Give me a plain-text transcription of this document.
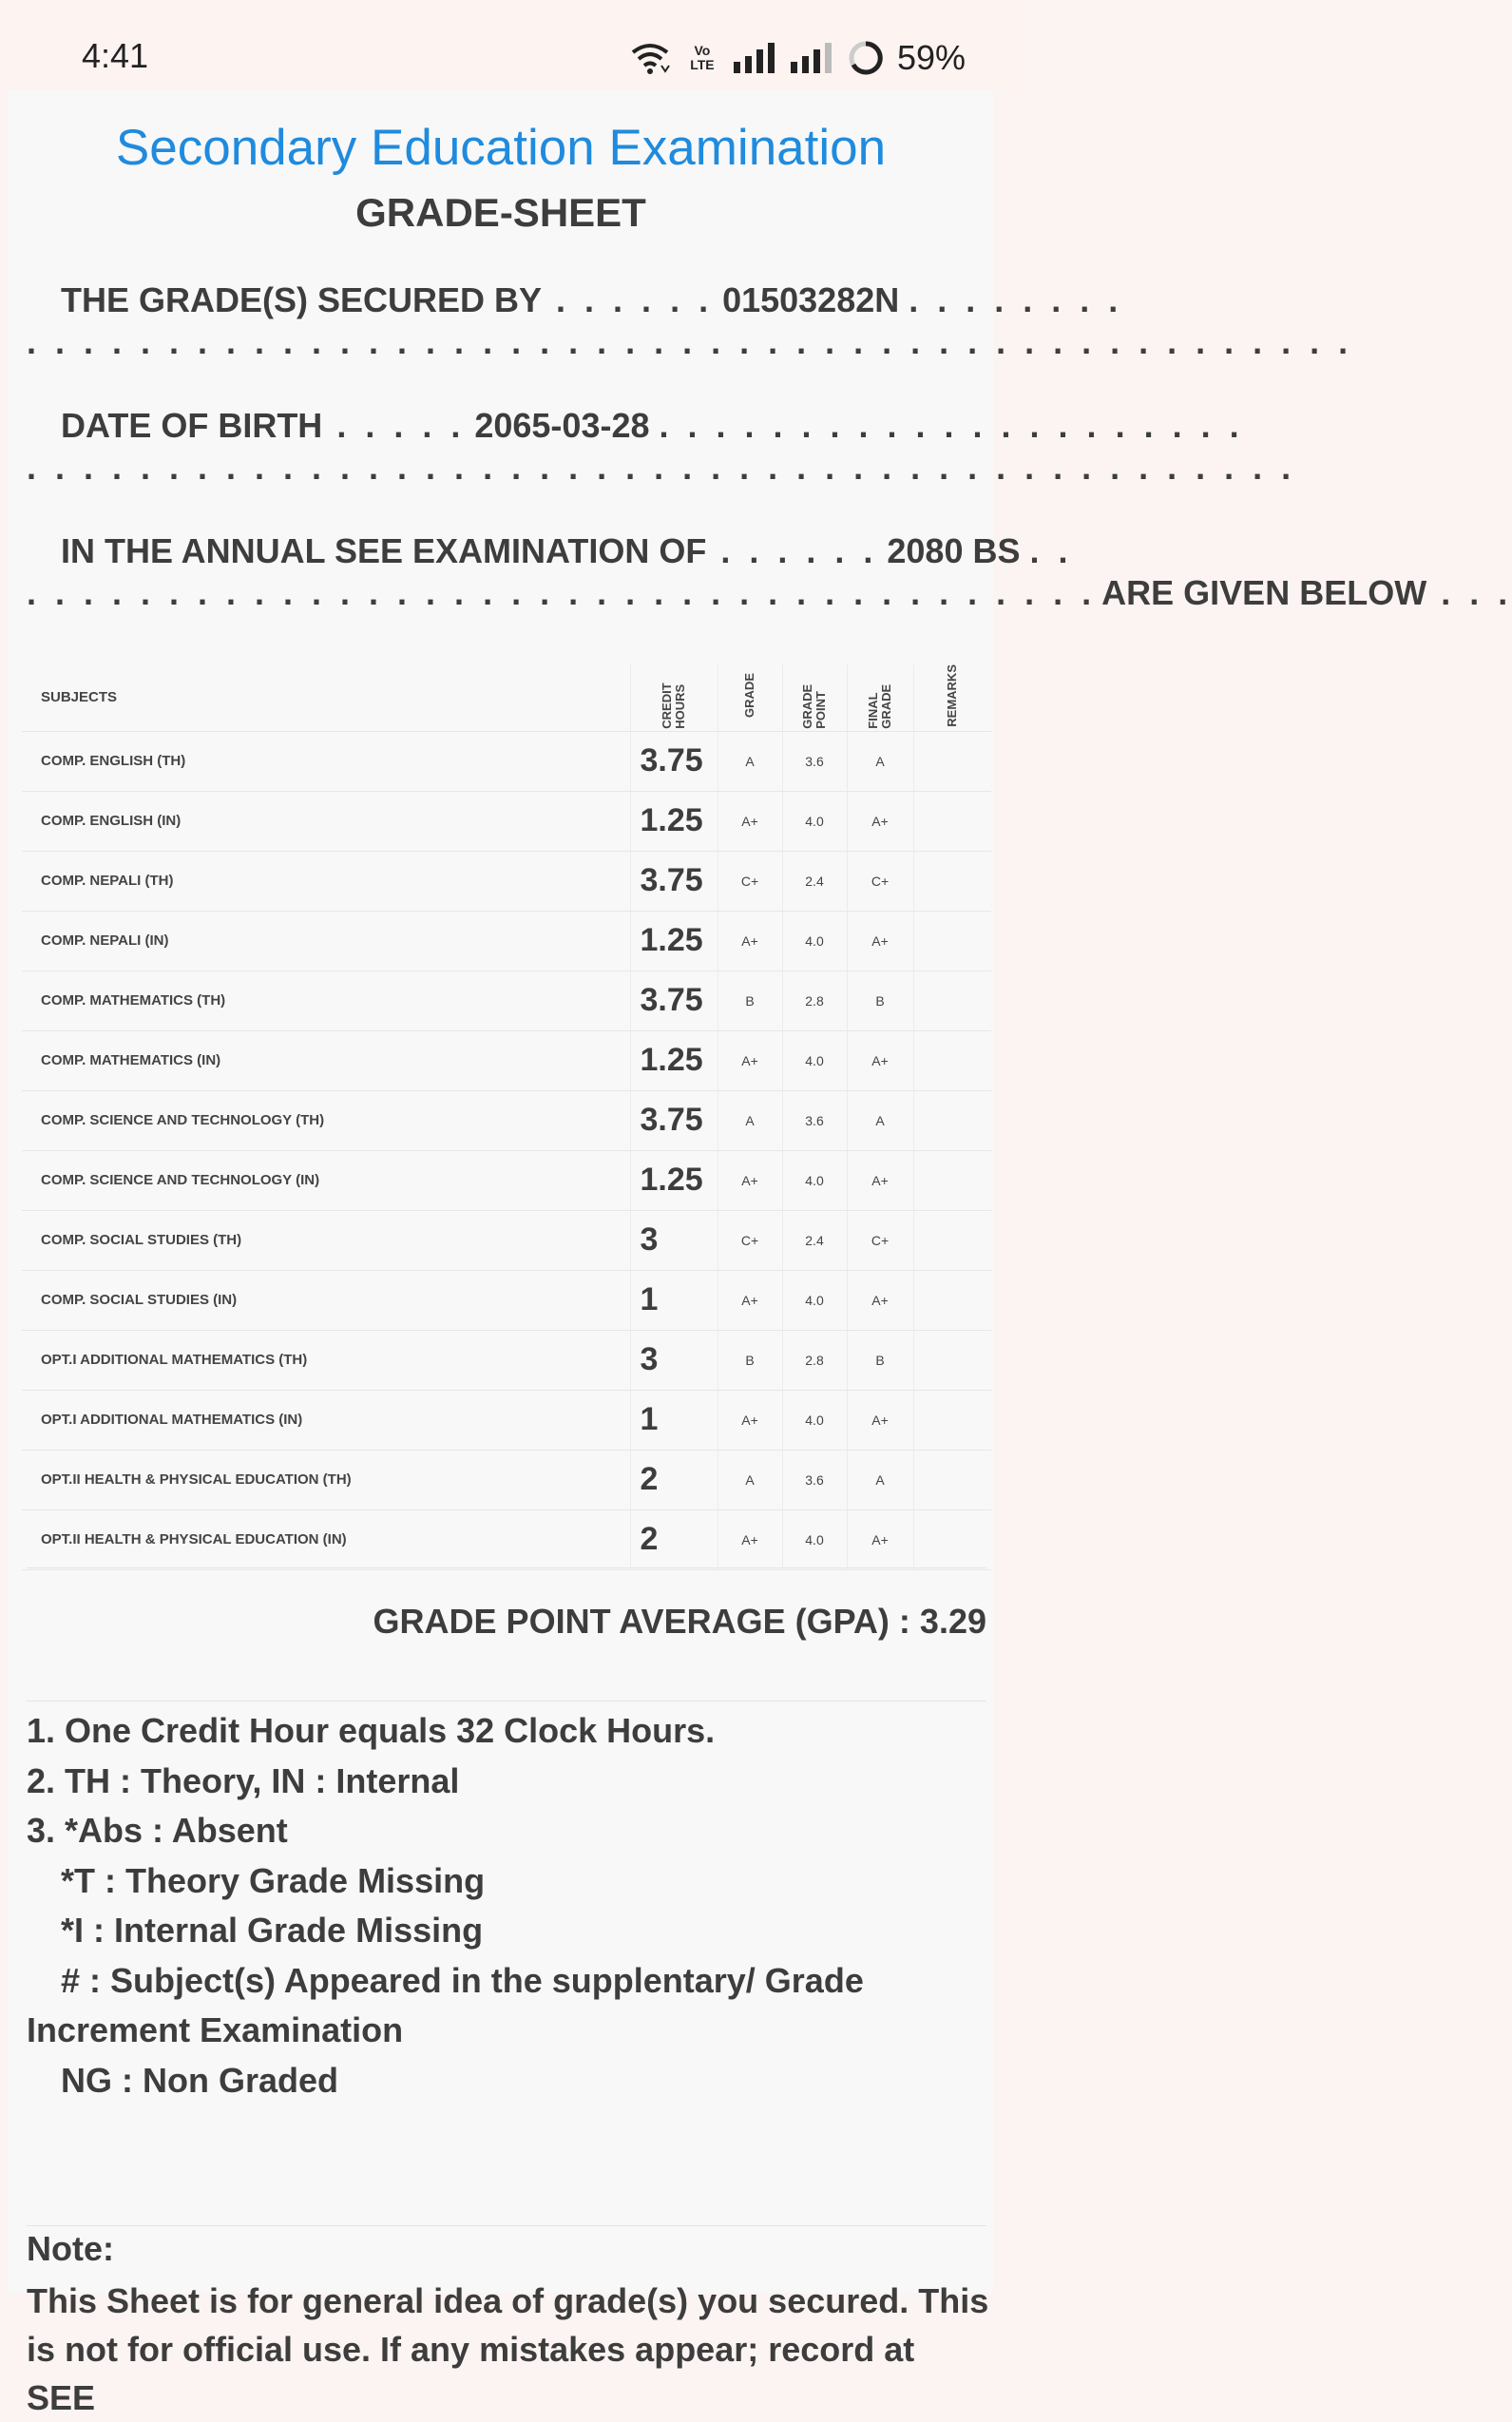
4:41	Vo
LTE	59%
Secondary Education Examination
GRADE-SHEET
THE GRADE(S) SECURED BY . . . . . . 01503282N . . . . . . . .
. . . . . . . . . . . . . . . . . . . . . . . . . . . . . . . . . . . . . . . . . . . . . . .
DATE OF BIRTH . . . . . 2065-03-28 . . . . . . . . . . . . . . . . . . . . .
. . . . . . . . . . . . . . . . . . . . . . . . . . . . . . . . . . . . . . . . . . . . .
IN THE ANNUAL SEE EXAMINATION OF . . . . . . 2080 BS . .
. . . . . . . . . . . . . . . . . . . . . . . . . . . . . . . . . . . . . . ARE GIVEN BELOW . . .
SUBJECTS	CREDIT HOURS	GRADE	GRADE POINT	FINAL GRADE	REMARKS
COMP. ENGLISH (TH)	3.75	A	3.6	A	
COMP. ENGLISH (IN)	1.25	A+	4.0	A+	
COMP. NEPALI (TH)	3.75	C+	2.4	C+	
COMP. NEPALI (IN)	1.25	A+	4.0	A+	
COMP. MATHEMATICS (TH)	3.75	B	2.8	B	
COMP. MATHEMATICS (IN)	1.25	A+	4.0	A+	
COMP. SCIENCE AND TECHNOLOGY (TH)	3.75	A	3.6	A	
COMP. SCIENCE AND TECHNOLOGY (IN)	1.25	A+	4.0	A+	
COMP. SOCIAL STUDIES (TH)	3	C+	2.4	C+	
COMP. SOCIAL STUDIES (IN)	1	A+	4.0	A+	
OPT.I ADDITIONAL MATHEMATICS (TH)	3	B	2.8	B	
OPT.I ADDITIONAL MATHEMATICS (IN)	1	A+	4.0	A+	
OPT.II HEALTH & PHYSICAL EDUCATION (TH)	2	A	3.6	A	
OPT.II HEALTH & PHYSICAL EDUCATION (IN)	2	A+	4.0	A+	
GRADE POINT AVERAGE (GPA) : 3.29
1. One Credit Hour equals 32 Clock Hours.
2. TH : Theory, IN : Internal
3. *Abs : Absent
*T : Theory Grade Missing
*I : Internal Grade Missing
# : Subject(s) Appeared in the supplentary/ Grade
Increment Examination
NG : Non Graded
Note:
This Sheet is for general idea of grade(s) you secured. This is not for official use. If any mistakes appear; record at SEE
